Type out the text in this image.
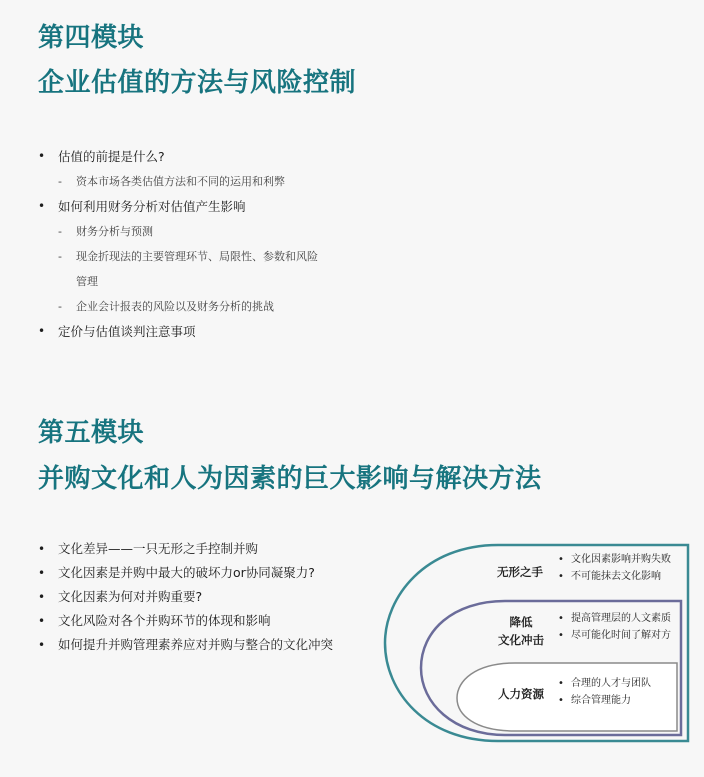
第四模块
企业估值的方法与风险控制
• 估值的前提是什么?
- 资本市场各类估值方法和不同的运用和利弊
• 如何利用财务分析对估值产生影响
- 财务分析与预测
- 现金折现法的主要管理环节、局限性、参数和风险管理
- 企业会计报表的风险以及财务分析的挑战
• 定价与估值谈判注意事项
第五模块
并购文化和人为因素的巨大影响与解决方法
• 文化差异——一只无形之手控制并购
• 文化因素是并购中最大的破坏力or协同凝聚力?
• 文化因素为何对并购重要?
• 文化风险对各个并购环节的体现和影响
• 如何提升并购管理素养应对并购与整合的文化冲突
无形之手
• 文化因素影响并购失败
• 不可能抹去文化影响
降低
文化冲击
• 提高管理层的人文素质
• 尽可能化时间了解对方
人力资源
• 合理的人才与团队
• 综合管理能力
